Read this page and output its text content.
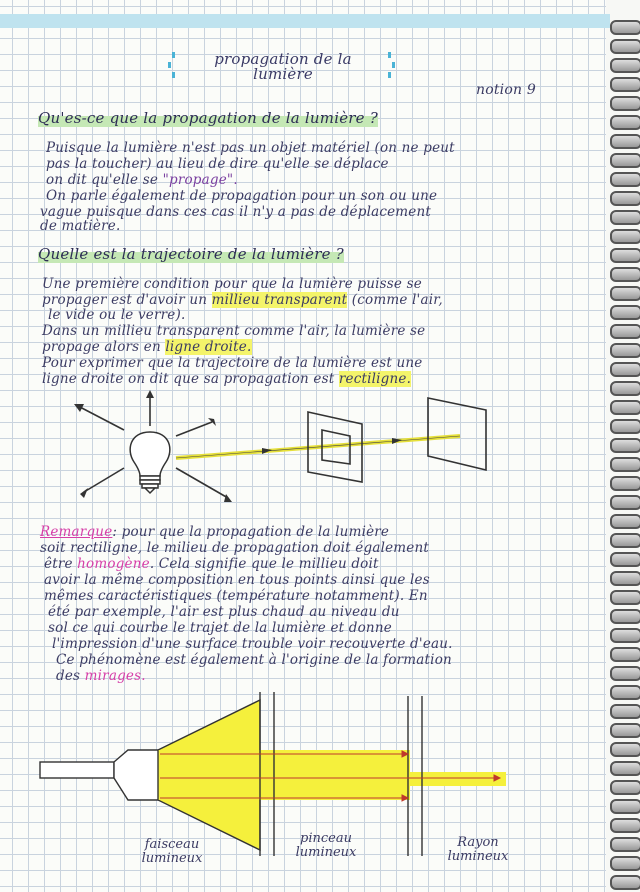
propagation de la

lumière

notion 9

Qu'es-ce que la propagation de la lumière ?

Puisque la lumière n'est pas un objet matériel (on ne peut

pas la toucher) au lieu de dire qu'elle se déplace

on dit qu'elle se "propage".

On parle également de propagation pour un son ou une

vague puisque dans ces cas il n'y a pas de déplacement

de matière.

Quelle est la trajectoire de la lumière ?

Une première condition pour que la lumière puisse se

propager est d'avoir un millieu transparent (comme l'air,

le vide ou le verre).

Dans un millieu transparent comme l'air, la lumière se

propage alors en ligne droite.

Pour exprimer que la trajectoire de la lumière est une

ligne droite on dit que sa propagation est rectiligne.

Remarque: pour que la propagation de la lumière

soit rectiligne, le milieu de propagation doit également

être homogène. Cela signifie que le millieu doit

avoir la même composition en tous points ainsi que les

mêmes caractéristiques (température notamment). En

été par exemple, l'air est plus chaud au niveau du

sol ce qui courbe le trajet de la lumière et donne

l'impression d'une surface trouble voir recouverte d'eau.

Ce phénomène est également à l'origine de la formation

des mirages.

faisceau
lumineux
pinceau
lumineux
Rayon
lumineux
